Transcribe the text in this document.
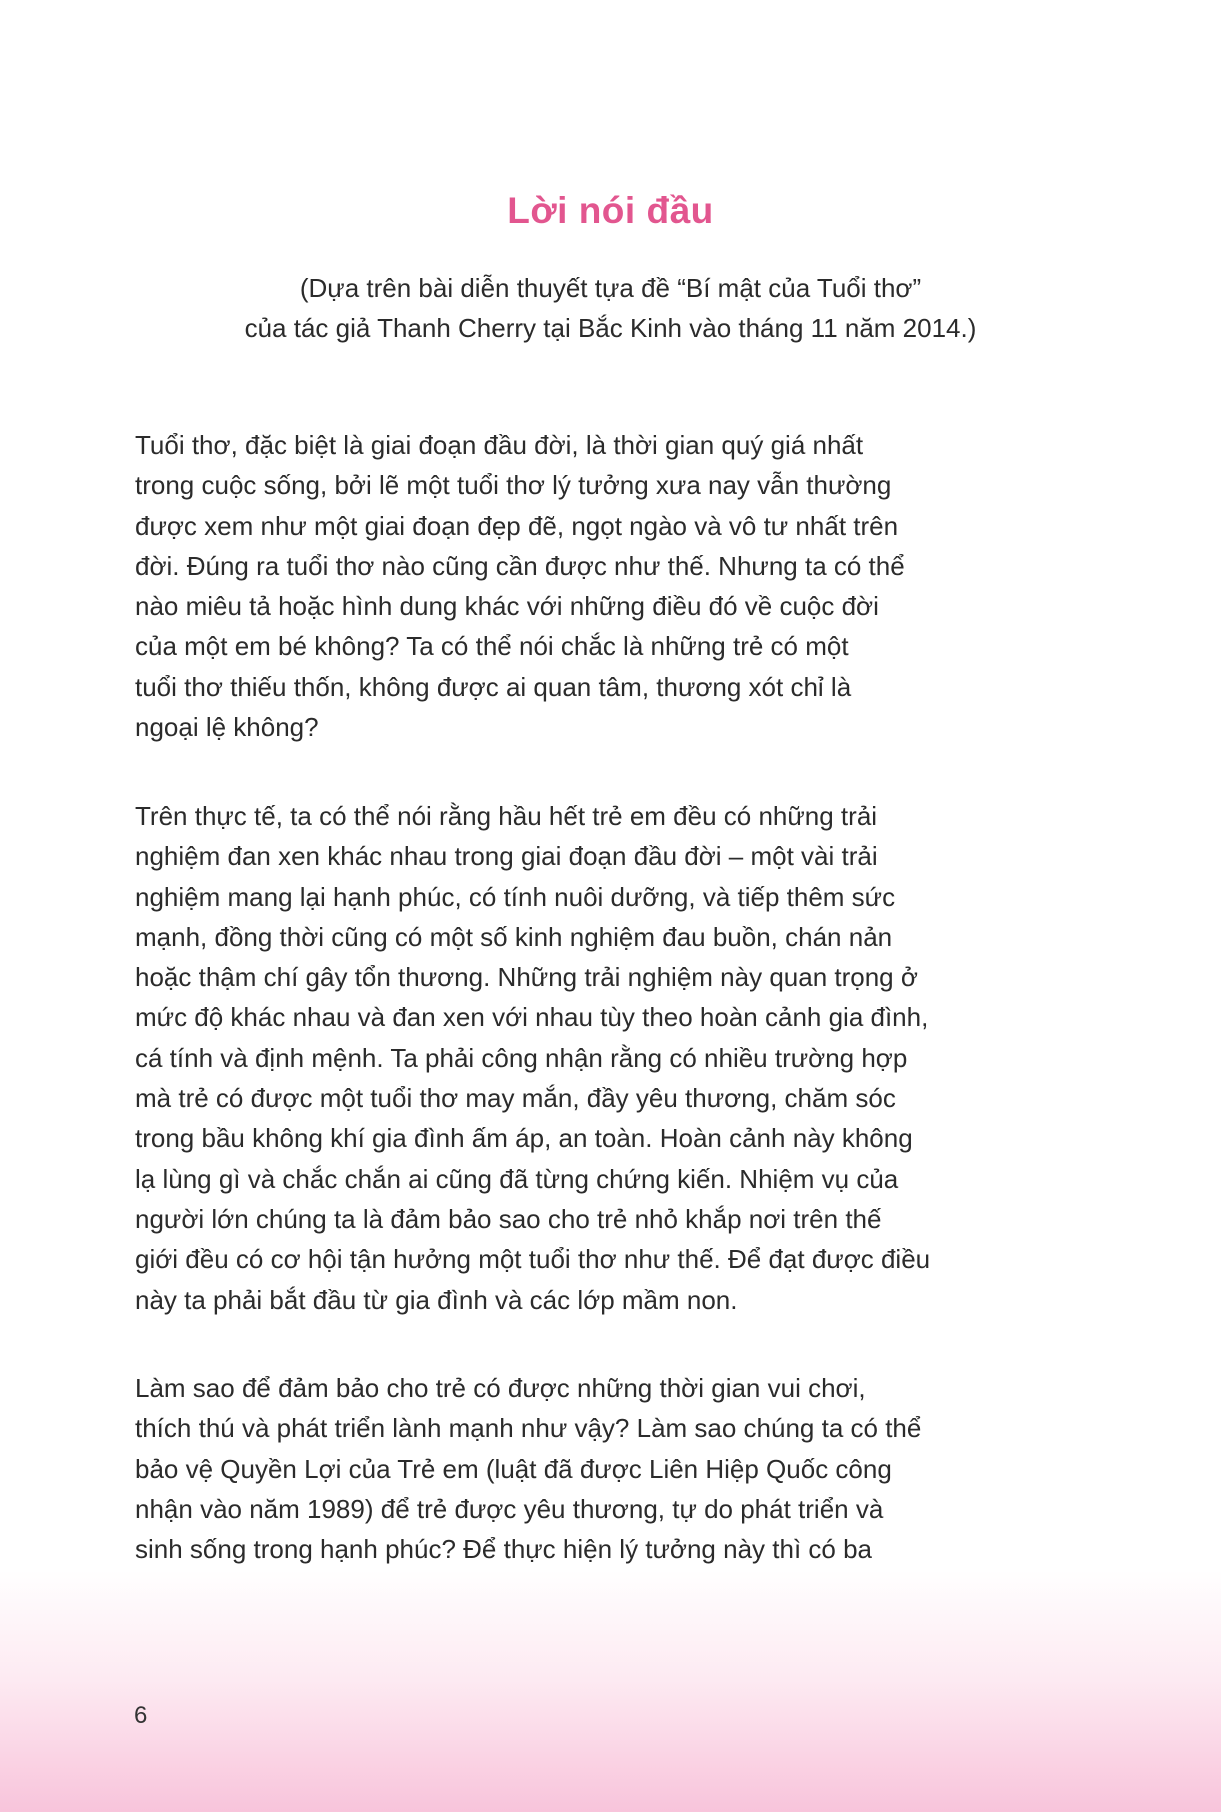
Lời nói đầu
(Dựa trên bài diễn thuyết tựa đề “Bí mật của Tuổi thơ”
của tác giả Thanh Cherry tại Bắc Kinh vào tháng 11 năm 2014.)

Tuổi thơ, đặc biệt là giai đoạn đầu đời, là thời gian quý giá nhất
trong cuộc sống, bởi lẽ một tuổi thơ lý tưởng xưa nay vẫn thường
được xem như một giai đoạn đẹp đẽ, ngọt ngào và vô tư nhất trên
đời. Đúng ra tuổi thơ nào cũng cần được như thế. Nhưng ta có thể
nào miêu tả hoặc hình dung khác với những điều đó về cuộc đời
của một em bé không? Ta có thể nói chắc là những trẻ có một
tuổi thơ thiếu thốn, không được ai quan tâm, thương xót chỉ là
ngoại lệ không?

Trên thực tế, ta có thể nói rằng hầu hết trẻ em đều có những trải
nghiệm đan xen khác nhau trong giai đoạn đầu đời – một vài trải
nghiệm mang lại hạnh phúc, có tính nuôi dưỡng, và tiếp thêm sức
mạnh, đồng thời cũng có một số kinh nghiệm đau buồn, chán nản
hoặc thậm chí gây tổn thương. Những trải nghiệm này quan trọng ở
mức độ khác nhau và đan xen với nhau tùy theo hoàn cảnh gia đình,
cá tính và định mệnh. Ta phải công nhận rằng có nhiều trường hợp
mà trẻ có được một tuổi thơ may mắn, đầy yêu thương, chăm sóc
trong bầu không khí gia đình ấm áp, an toàn. Hoàn cảnh này không
lạ lùng gì và chắc chắn ai cũng đã từng chứng kiến. Nhiệm vụ của
người lớn chúng ta là đảm bảo sao cho trẻ nhỏ khắp nơi trên thế
giới đều có cơ hội tận hưởng một tuổi thơ như thế. Để đạt được điều
này ta phải bắt đầu từ gia đình và các lớp mầm non.

Làm sao để đảm bảo cho trẻ có được những thời gian vui chơi,
thích thú và phát triển lành mạnh như vậy? Làm sao chúng ta có thể
bảo vệ Quyền Lợi của Trẻ em (luật đã được Liên Hiệp Quốc công
nhận vào năm 1989) để trẻ được yêu thương, tự do phát triển và
sinh sống trong hạnh phúc? Để thực hiện lý tưởng này thì có ba

6
